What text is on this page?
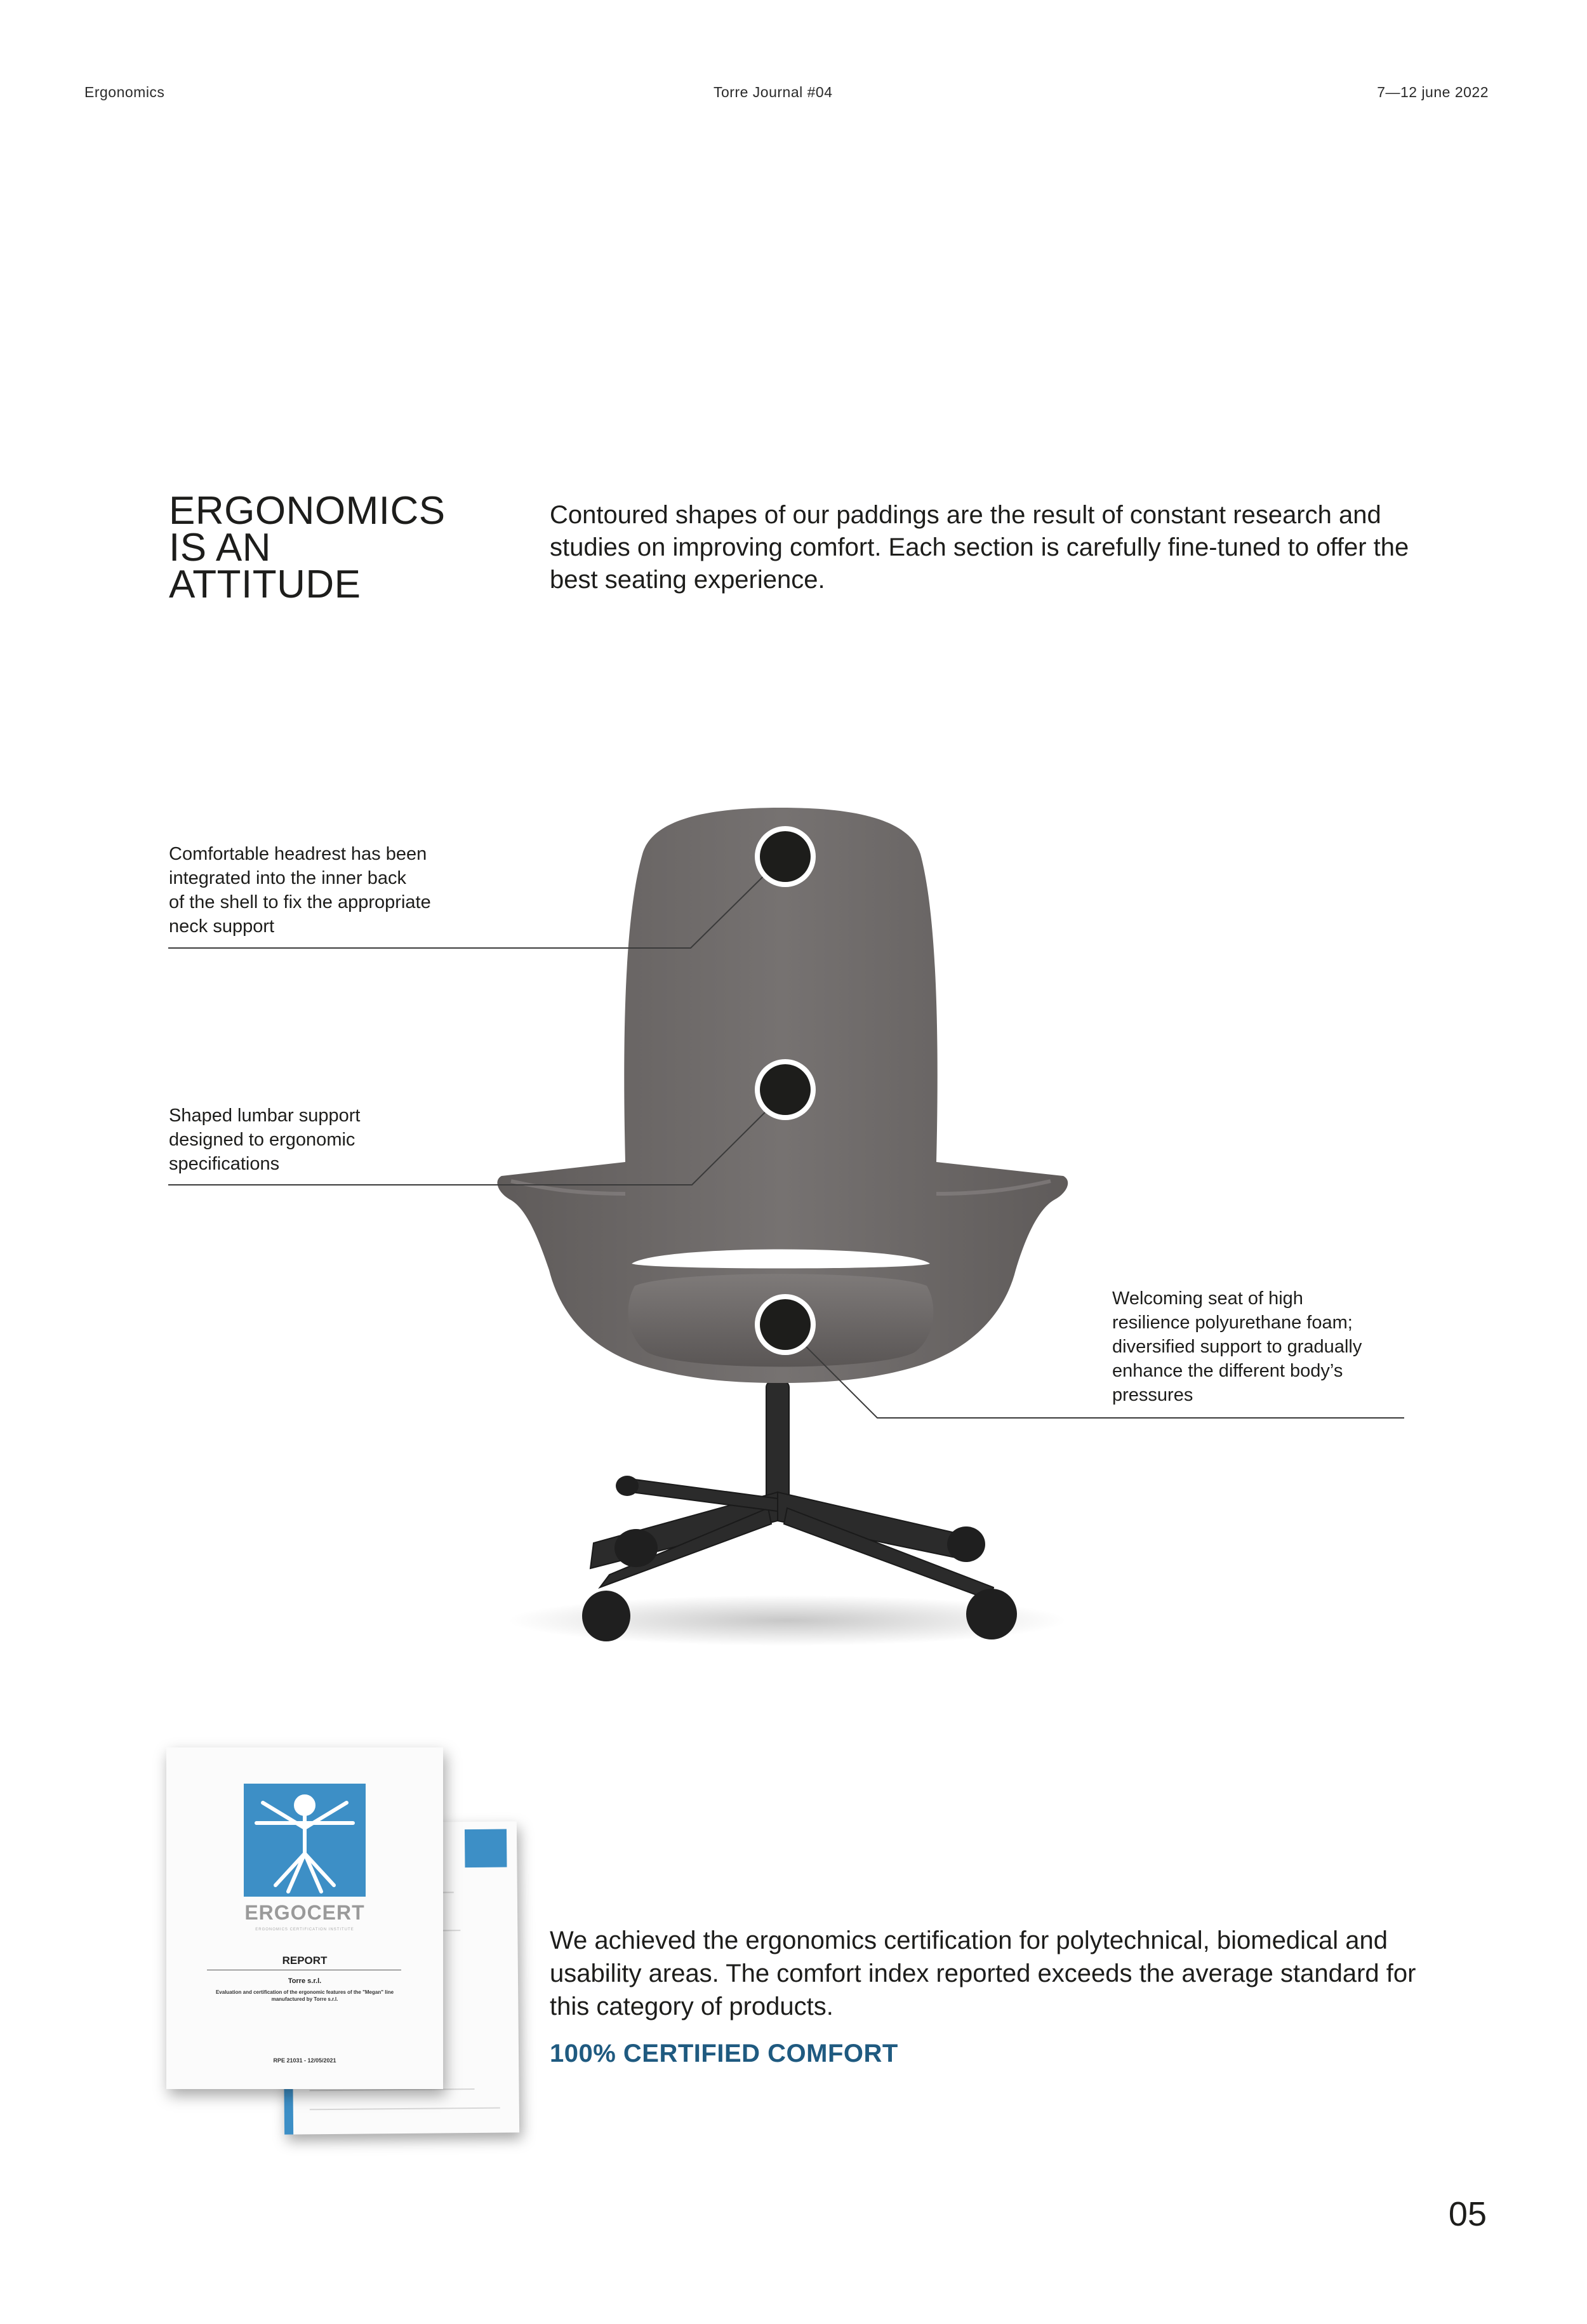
Ergonomics	Torre Journal #04	7—12 june 2022
ERGONOMICS
IS AN
ATTITUDE
Contoured shapes of our paddings are the result of constant research and studies on improving comfort. Each section is carefully fine-tuned to offer the best seating experience.
Comfortable headrest has been
integrated into the inner back
of the shell to fix the appropriate
neck support
Shaped lumbar support
designed to ergonomic
specifications
Welcoming seat of high
resilience polyurethane foam;
diversified support to gradually
enhance the different body’s
pressures
ERGOCERT
ERGONOMICS CERTIFICATION INSTITUTE
REPORT
Torre s.r.l.
Evaluation and certification of the ergonomic features of the "Megan" line manufactured by Torre s.r.l.
RPE 21031 - 12/05/2021
We achieved the ergonomics certification for polytechnical, biomedical and usability areas. The comfort index reported exceeds the average standard for this category of products.
100% CERTIFIED COMFORT
05
